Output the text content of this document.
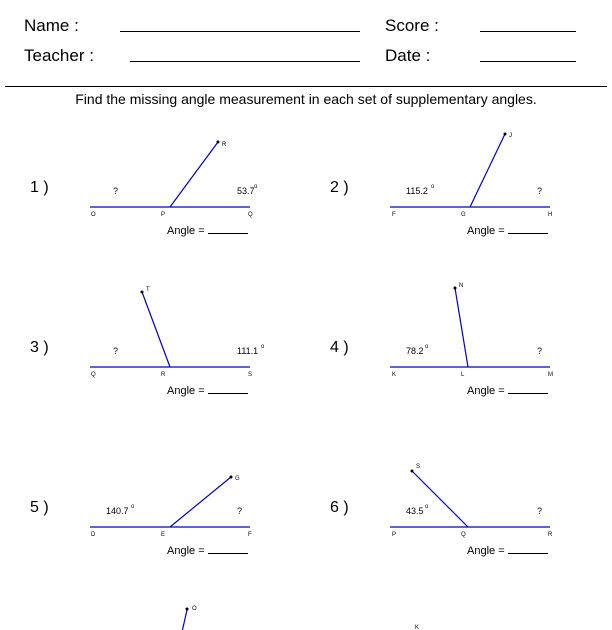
Name :	Score :
Teacher :	Date :
Find the missing angle measurement in each set of supplementary angles.
1 )	2 )
3 )	4 )
5 )	6 )
Angle =	Angle =
Angle =	Angle =
Angle =	Angle =
R
O	P	Q
?	53.7 o
J
F	G	H
115.2 o	?
T
Q	R	S
?	111.1 o
N
K	L	M
78.2 o	?
G
D	E	F
140.7 o	?
S
P	Q	R
43.5 o	?
O
K
